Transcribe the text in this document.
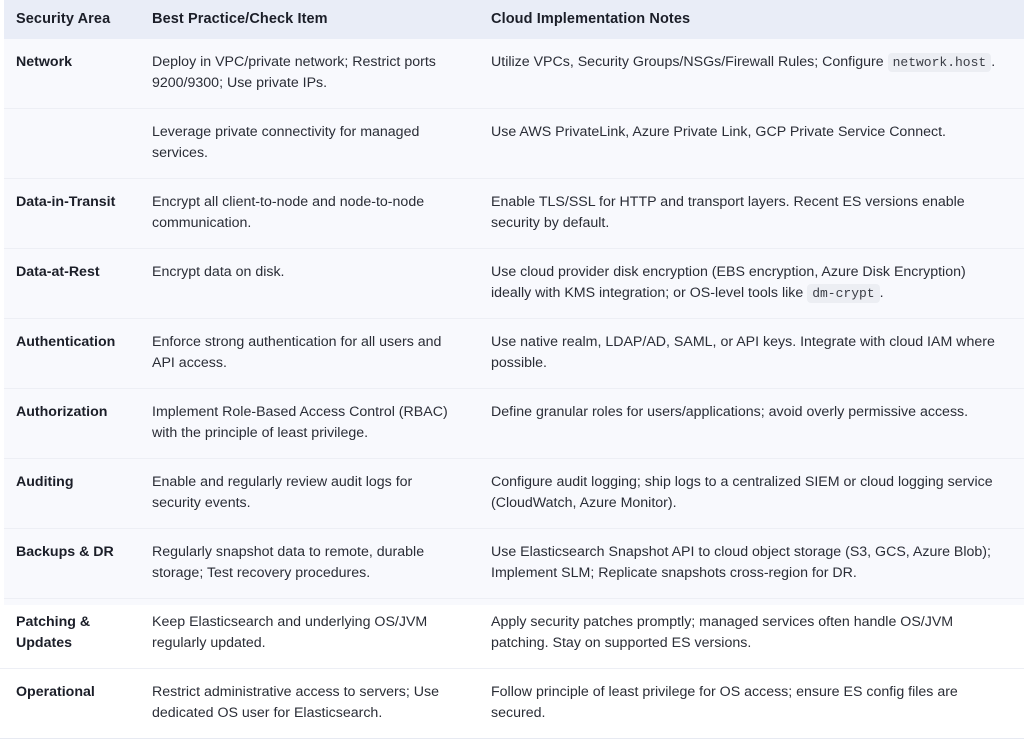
Security Area	Best Practice/Check Item	Cloud Implementation Notes
Network	Deploy in VPC/private network; Restrict ports 9200/9300; Use private IPs.	Utilize VPCs, Security Groups/NSGs/Firewall Rules; Configure network.host .
	Leverage private connectivity for managed services.	Use AWS PrivateLink, Azure Private Link, GCP Private Service Connect.
Data-in-Transit	Encrypt all client-to-node and node-to-node communication.	Enable TLS/SSL for HTTP and transport layers. Recent ES versions enable security by default.
Data-at-Rest	Encrypt data on disk.	Use cloud provider disk encryption (EBS encryption, Azure Disk Encryption) ideally with KMS integration; or OS-level tools like dm-crypt .
Authentication	Enforce strong authentication for all users and API access.	Use native realm, LDAP/AD, SAML, or API keys. Integrate with cloud IAM where possible.
Authorization	Implement Role-Based Access Control (RBAC) with the principle of least privilege.	Define granular roles for users/applications; avoid overly permissive access.
Auditing	Enable and regularly review audit logs for security events.	Configure audit logging; ship logs to a centralized SIEM or cloud logging service (CloudWatch, Azure Monitor).
Backups & DR	Regularly snapshot data to remote, durable storage; Test recovery procedures.	Use Elasticsearch Snapshot API to cloud object storage (S3, GCS, Azure Blob); Implement SLM; Replicate snapshots cross-region for DR.
Patching & Updates	Keep Elasticsearch and underlying OS/JVM regularly updated.	Apply security patches promptly; managed services often handle OS/JVM patching. Stay on supported ES versions.
Operational	Restrict administrative access to servers; Use dedicated OS user for Elasticsearch.	Follow principle of least privilege for OS access; ensure ES config files are secured.
